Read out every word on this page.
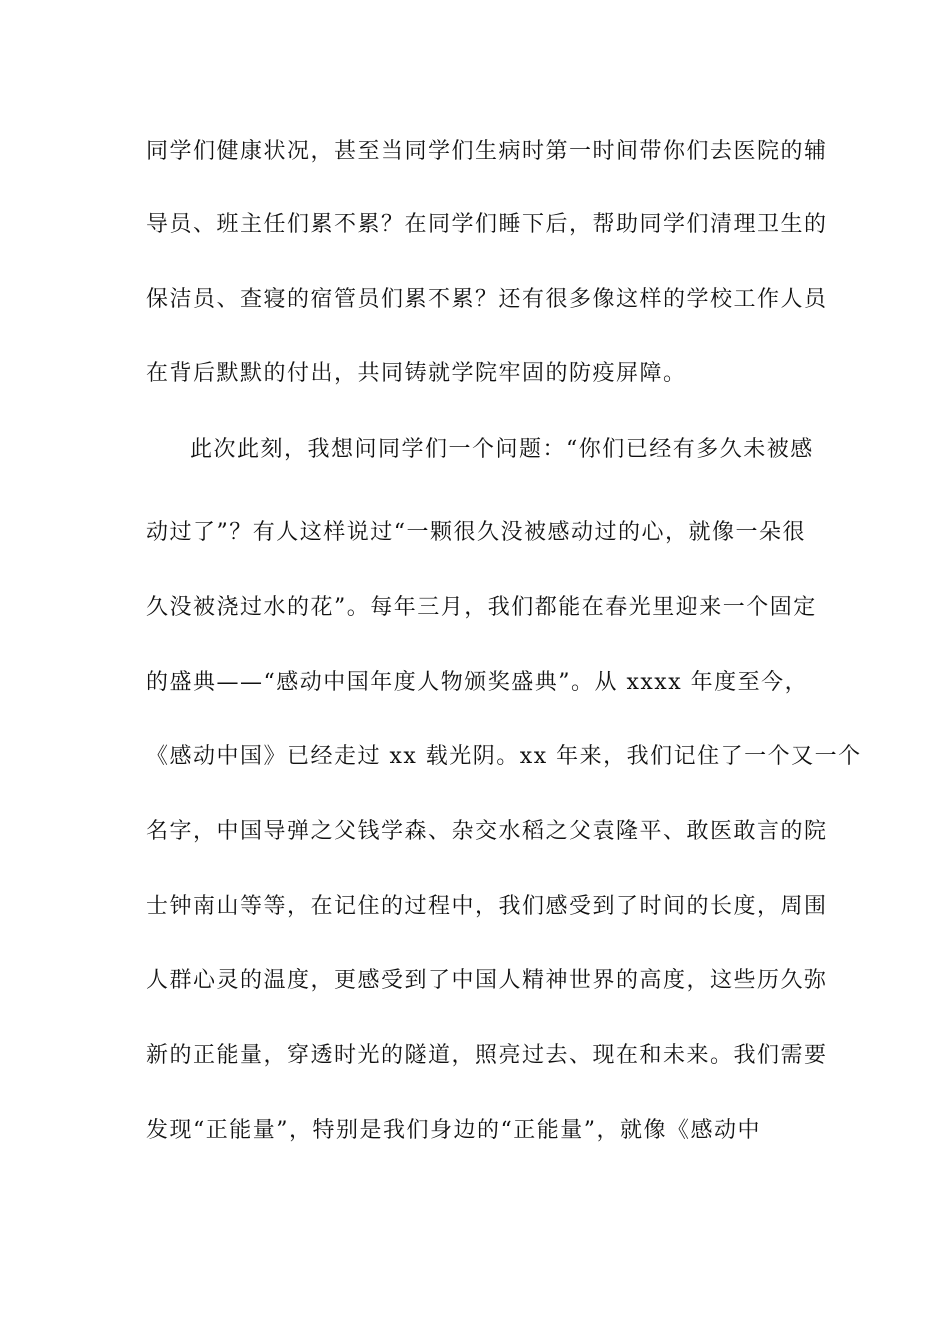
同学们健康状况，甚至当同学们生病时第一时间带你们去医院的辅

导员、班主任们累不累？在同学们睡下后，帮助同学们清理卫生的

保洁员、查寝的宿管员们累不累？还有很多像这样的学校工作人员

在背后默默的付出，共同铸就学院牢固的防疫屏障。

此次此刻，我想问同学们一个问题：“你们已经有多久未被感

动过了”？有人这样说过“一颗很久没被感动过的心，就像一朵很

久没被浇过水的花”。每年三月，我们都能在春光里迎来一个固定

的盛典——“感动中国年度人物颁奖盛典”。从 xxxx 年度至今，

《感动中国》已经走过 xx 载光阴。xx 年来，我们记住了一个又一个

名字，中国导弹之父钱学森、杂交水稻之父袁隆平、敢医敢言的院

士钟南山等等，在记住的过程中，我们感受到了时间的长度，周围

人群心灵的温度，更感受到了中国人精神世界的高度，这些历久弥

新的正能量，穿透时光的隧道，照亮过去、现在和未来。我们需要

发现“正能量”，特别是我们身边的“正能量”，就像《感动中
